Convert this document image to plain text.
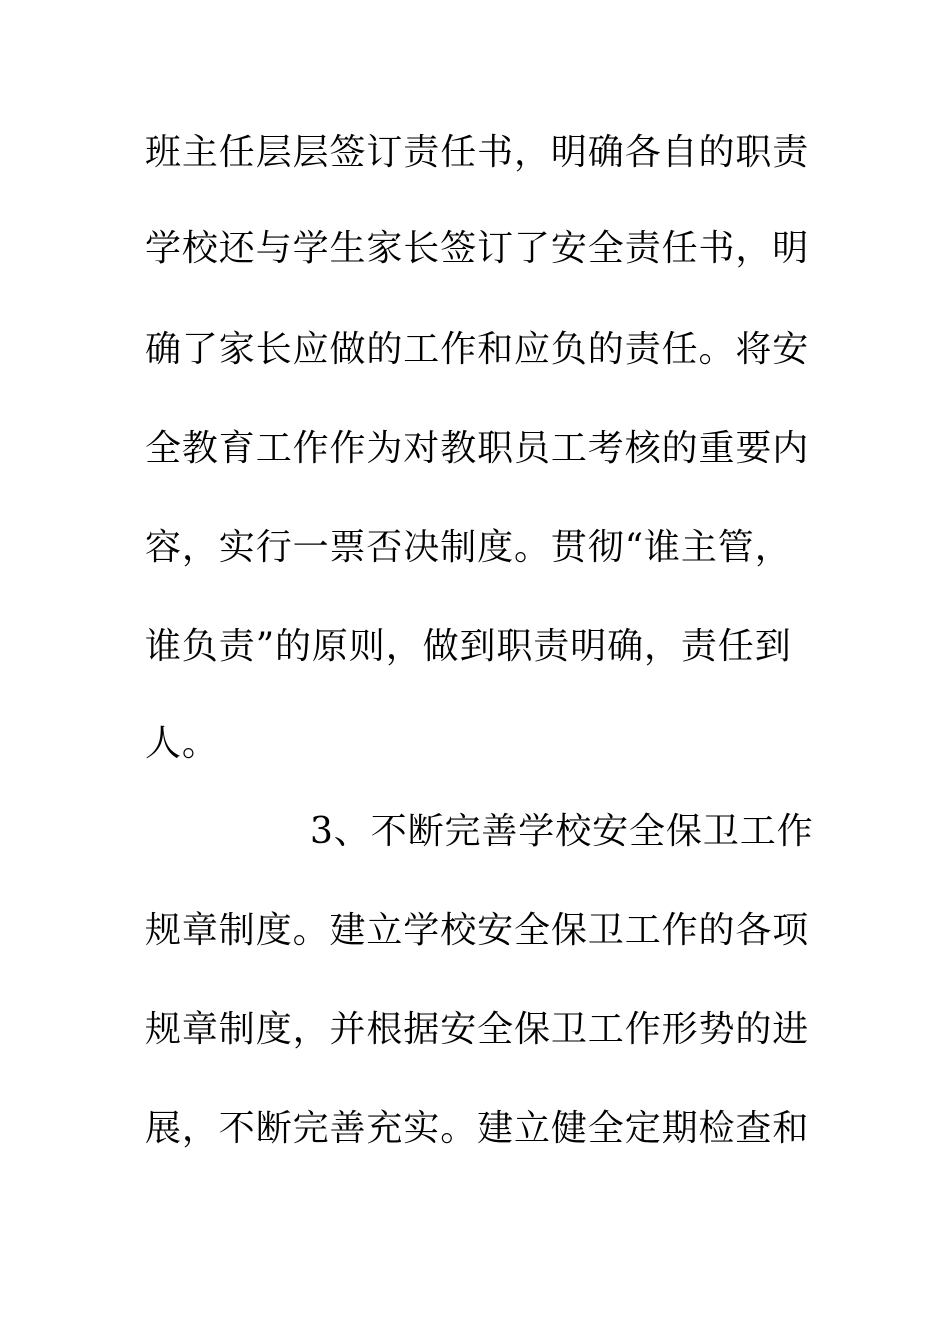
班主任层层签订责任书，明确各自的职责
学校还与学生家长签订了安全责任书，明
确了家长应做的工作和应负的责任。将安
全教育工作作为对教职员工考核的重要内
容，实行一票否决制度。贯彻“谁主管，
谁负责”的原则，做到职责明确，责任到
人。
3、不断完善学校安全保卫工作
规章制度。建立学校安全保卫工作的各项
规章制度，并根据安全保卫工作形势的进
展，不断完善充实。建立健全定期检查和
